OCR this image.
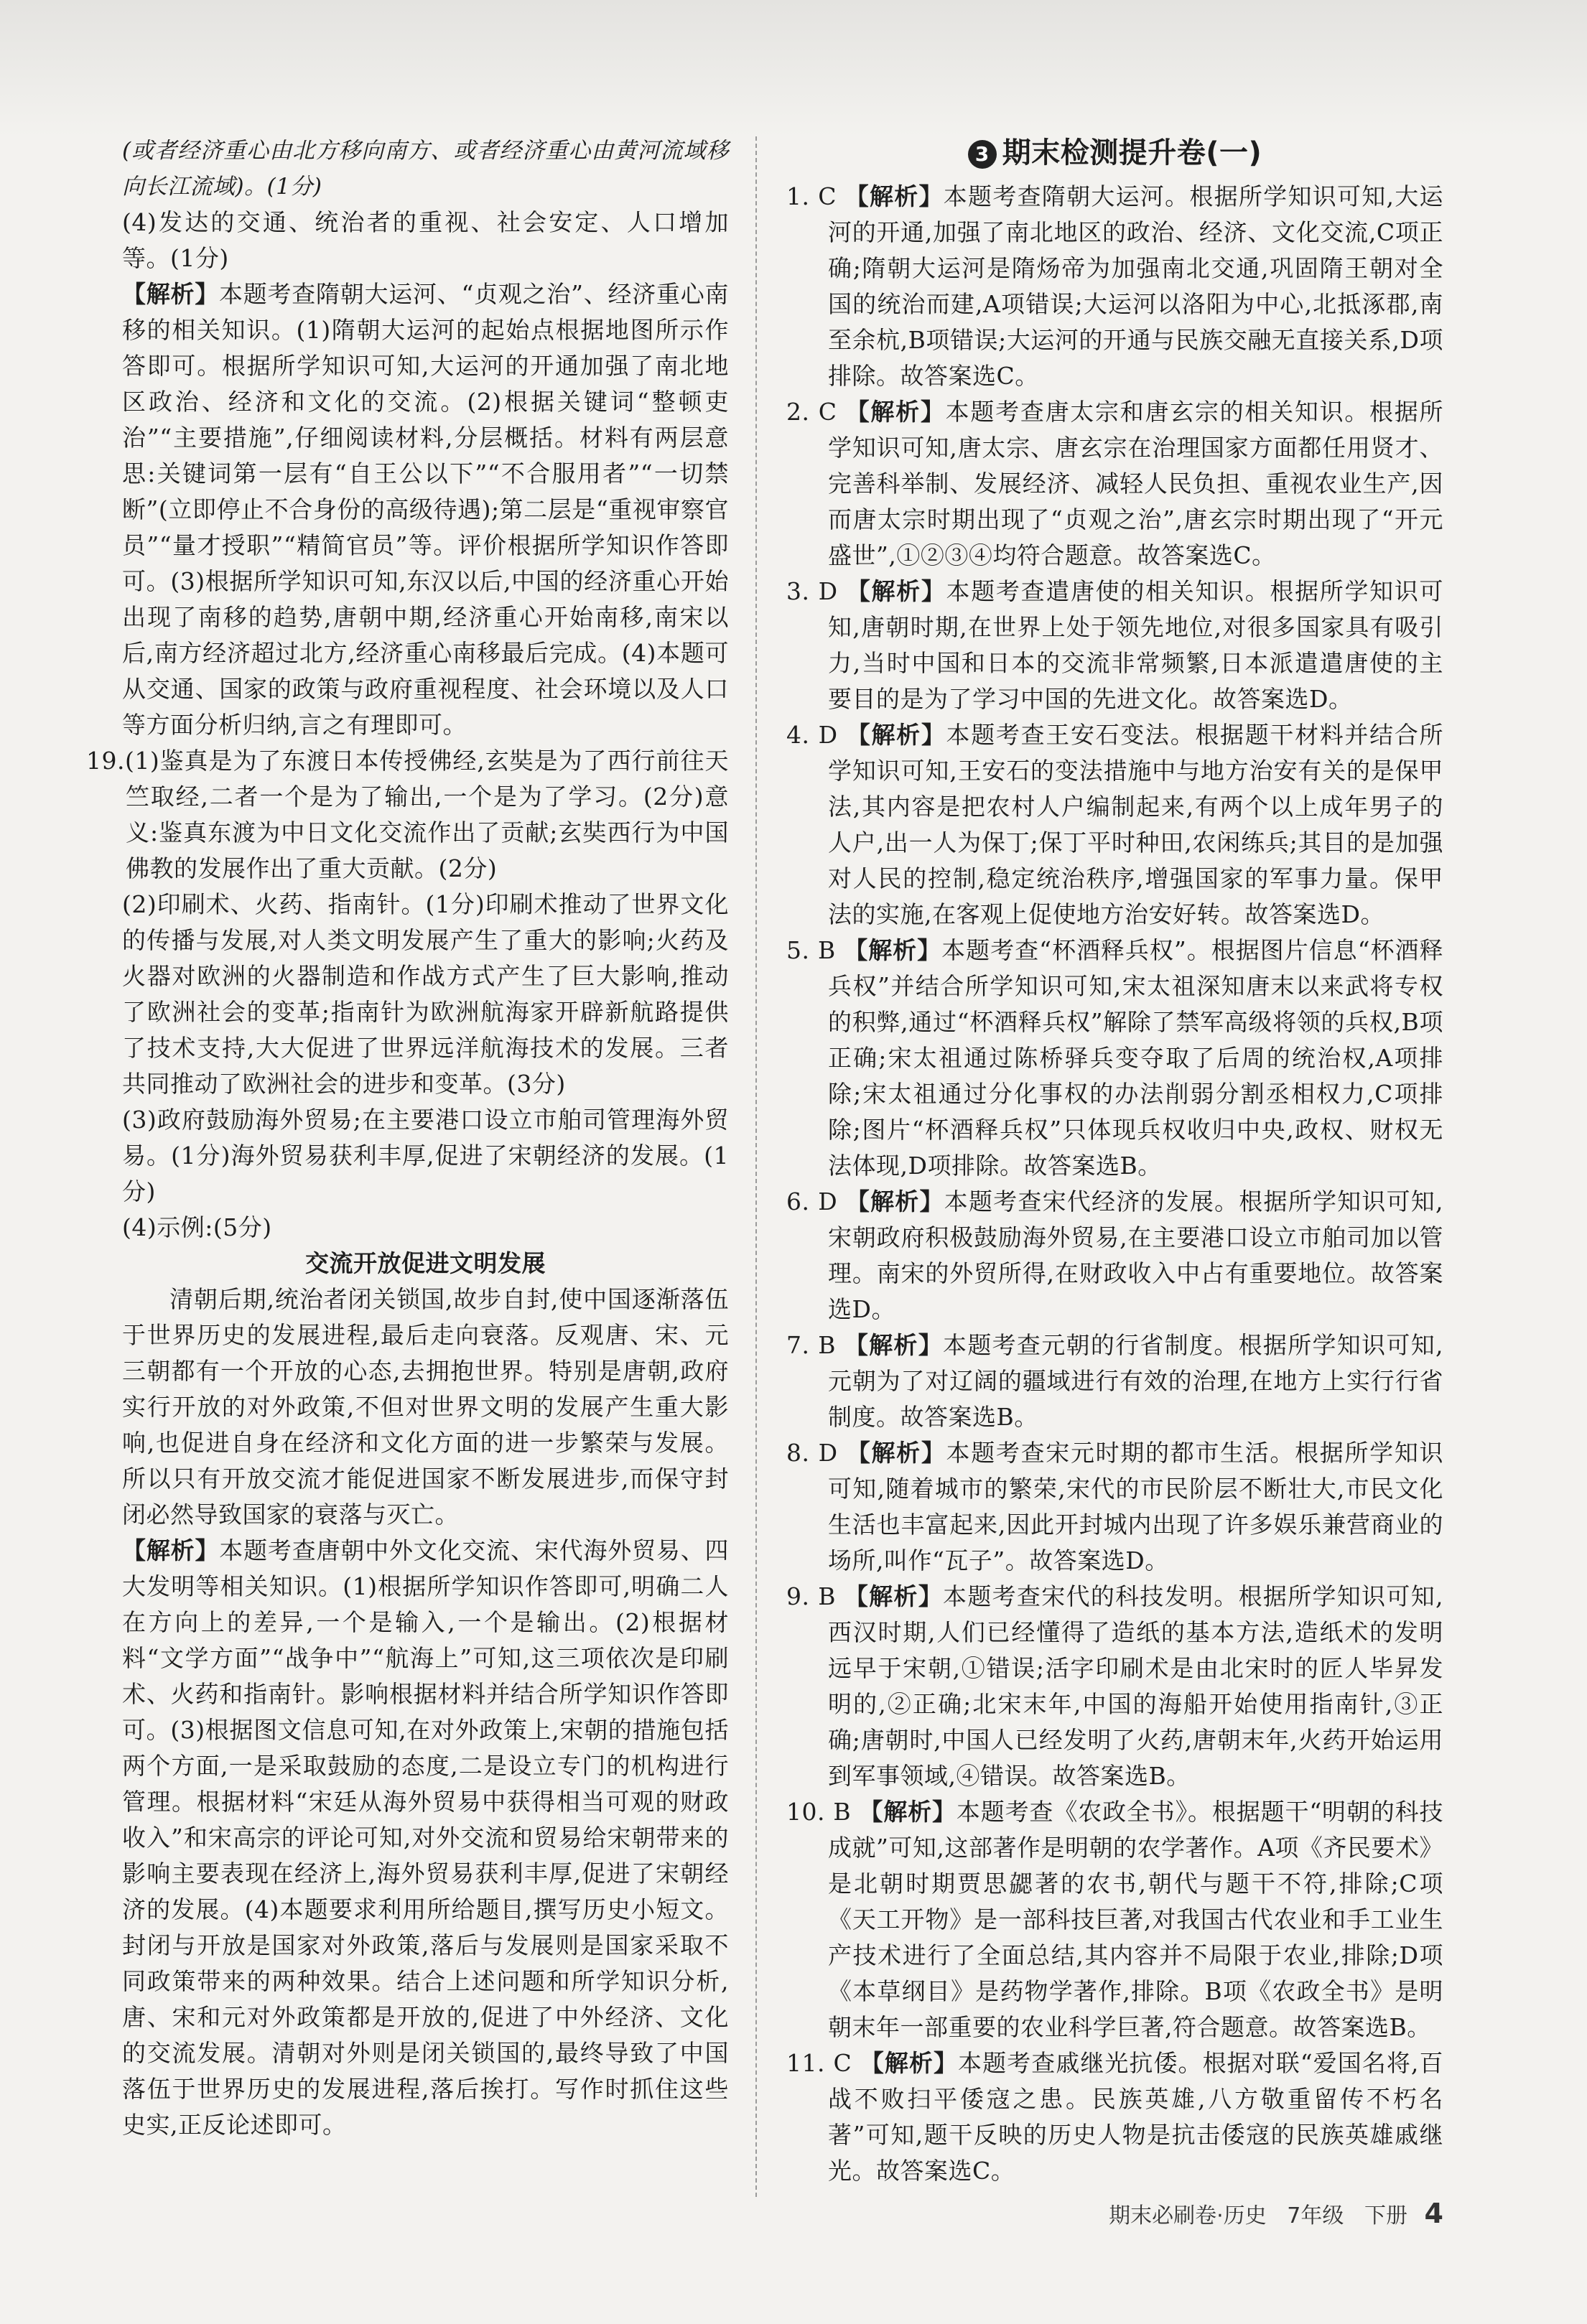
(或者经济重心由北方移向南方、或者经济重心由黄河流域移向长江流域)。(1分)

(4)发达的交通、统治者的重视、社会安定、人口增加等。(1分)

【解析】本题考查隋朝大运河、“贞观之治”、经济重心南移的相关知识。(1)隋朝大运河的起始点根据地图所示作答即可。根据所学知识可知,大运河的开通加强了南北地区政治、经济和文化的交流。(2)根据关键词“整顿吏治”“主要措施”,仔细阅读材料,分层概括。材料有两层意思:关键词第一层有“自王公以下”“不合服用者”“一切禁断”(立即停止不合身份的高级待遇);第二层是“重视审察官员”“量才授职”“精简官员”等。评价根据所学知识作答即可。(3)根据所学知识可知,东汉以后,中国的经济重心开始出现了南移的趋势,唐朝中期,经济重心开始南移,南宋以后,南方经济超过北方,经济重心南移最后完成。(4)本题可从交通、国家的政策与政府重视程度、社会环境以及人口等方面分析归纳,言之有理即可。

19.(1)鉴真是为了东渡日本传授佛经,玄奘是为了西行前往天竺取经,二者一个是为了输出,一个是为了学习。(2分)意义:鉴真东渡为中日文化交流作出了贡献;玄奘西行为中国佛教的发展作出了重大贡献。(2分)

(2)印刷术、火药、指南针。(1分)印刷术推动了世界文化的传播与发展,对人类文明发展产生了重大的影响;火药及火器对欧洲的火器制造和作战方式产生了巨大影响,推动了欧洲社会的变革;指南针为欧洲航海家开辟新航路提供了技术支持,大大促进了世界远洋航海技术的发展。三者共同推动了欧洲社会的进步和变革。(3分)

(3)政府鼓励海外贸易;在主要港口设立市舶司管理海外贸易。(1分)海外贸易获利丰厚,促进了宋朝经济的发展。(1分)

(4)示例:(5分)

交流开放促进文明发展

清朝后期,统治者闭关锁国,故步自封,使中国逐渐落伍于世界历史的发展进程,最后走向衰落。反观唐、宋、元三朝都有一个开放的心态,去拥抱世界。特别是唐朝,政府实行开放的对外政策,不但对世界文明的发展产生重大影响,也促进自身在经济和文化方面的进一步繁荣与发展。所以只有开放交流才能促进国家不断发展进步,而保守封闭必然导致国家的衰落与灭亡。

【解析】本题考查唐朝中外文化交流、宋代海外贸易、四大发明等相关知识。(1)根据所学知识作答即可,明确二人在方向上的差异,一个是输入,一个是输出。(2)根据材料“文学方面”“战争中”“航海上”可知,这三项依次是印刷术、火药和指南针。影响根据材料并结合所学知识作答即可。(3)根据图文信息可知,在对外政策上,宋朝的措施包括两个方面,一是采取鼓励的态度,二是设立专门的机构进行管理。根据材料“宋廷从海外贸易中获得相当可观的财政收入”和宋高宗的评论可知,对外交流和贸易给宋朝带来的影响主要表现在经济上,海外贸易获利丰厚,促进了宋朝经济的发展。(4)本题要求利用所给题目,撰写历史小短文。封闭与开放是国家对外政策,落后与发展则是国家采取不同政策带来的两种效果。结合上述问题和所学知识分析,唐、宋和元对外政策都是开放的,促进了中外经济、文化的交流发展。清朝对外则是闭关锁国的,最终导致了中国落伍于世界历史的发展进程,落后挨打。写作时抓住这些史实,正反论述即可。

3 期末检测提升卷(一)

1. C 【解析】本题考查隋朝大运河。根据所学知识可知,大运河的开通,加强了南北地区的政治、经济、文化交流,C项正确;隋朝大运河是隋炀帝为加强南北交通,巩固隋王朝对全国的统治而建,A项错误;大运河以洛阳为中心,北抵涿郡,南至余杭,B项错误;大运河的开通与民族交融无直接关系,D项排除。故答案选C。

2. C 【解析】本题考查唐太宗和唐玄宗的相关知识。根据所学知识可知,唐太宗、唐玄宗在治理国家方面都任用贤才、完善科举制、发展经济、减轻人民负担、重视农业生产,因而唐太宗时期出现了“贞观之治”,唐玄宗时期出现了“开元盛世”,①②③④均符合题意。故答案选C。

3. D 【解析】本题考查遣唐使的相关知识。根据所学知识可知,唐朝时期,在世界上处于领先地位,对很多国家具有吸引力,当时中国和日本的交流非常频繁,日本派遣遣唐使的主要目的是为了学习中国的先进文化。故答案选D。

4. D 【解析】本题考查王安石变法。根据题干材料并结合所学知识可知,王安石的变法措施中与地方治安有关的是保甲法,其内容是把农村人户编制起来,有两个以上成年男子的人户,出一人为保丁;保丁平时种田,农闲练兵;其目的是加强对人民的控制,稳定统治秩序,增强国家的军事力量。保甲法的实施,在客观上促使地方治安好转。故答案选D。

5. B 【解析】本题考查“杯酒释兵权”。根据图片信息“杯酒释兵权”并结合所学知识可知,宋太祖深知唐末以来武将专权的积弊,通过“杯酒释兵权”解除了禁军高级将领的兵权,B项正确;宋太祖通过陈桥驿兵变夺取了后周的统治权,A项排除;宋太祖通过分化事权的办法削弱分割丞相权力,C项排除;图片“杯酒释兵权”只体现兵权收归中央,政权、财权无法体现,D项排除。故答案选B。

6. D 【解析】本题考查宋代经济的发展。根据所学知识可知,宋朝政府积极鼓励海外贸易,在主要港口设立市舶司加以管理。南宋的外贸所得,在财政收入中占有重要地位。故答案选D。

7. B 【解析】本题考查元朝的行省制度。根据所学知识可知,元朝为了对辽阔的疆域进行有效的治理,在地方上实行行省制度。故答案选B。

8. D 【解析】本题考查宋元时期的都市生活。根据所学知识可知,随着城市的繁荣,宋代的市民阶层不断壮大,市民文化生活也丰富起来,因此开封城内出现了许多娱乐兼营商业的场所,叫作“瓦子”。故答案选D。

9. B 【解析】本题考查宋代的科技发明。根据所学知识可知,西汉时期,人们已经懂得了造纸的基本方法,造纸术的发明远早于宋朝,①错误;活字印刷术是由北宋时的匠人毕昇发明的,②正确;北宋末年,中国的海船开始使用指南针,③正确;唐朝时,中国人已经发明了火药,唐朝末年,火药开始运用到军事领域,④错误。故答案选B。

10. B 【解析】本题考查《农政全书》。根据题干“明朝的科技成就”可知,这部著作是明朝的农学著作。A项《齐民要术》是北朝时期贾思勰著的农书,朝代与题干不符,排除;C项《天工开物》是一部科技巨著,对我国古代农业和手工业生产技术进行了全面总结,其内容并不局限于农业,排除;D项《本草纲目》是药物学著作,排除。B项《农政全书》是明朝末年一部重要的农业科学巨著,符合题意。故答案选B。

11. C 【解析】本题考查戚继光抗倭。根据对联“爱国名将,百战不败扫平倭寇之患。民族英雄,八方敬重留传不朽名著”可知,题干反映的历史人物是抗击倭寇的民族英雄戚继光。故答案选C。

期末必刷卷·历史 7年级 下册 4
